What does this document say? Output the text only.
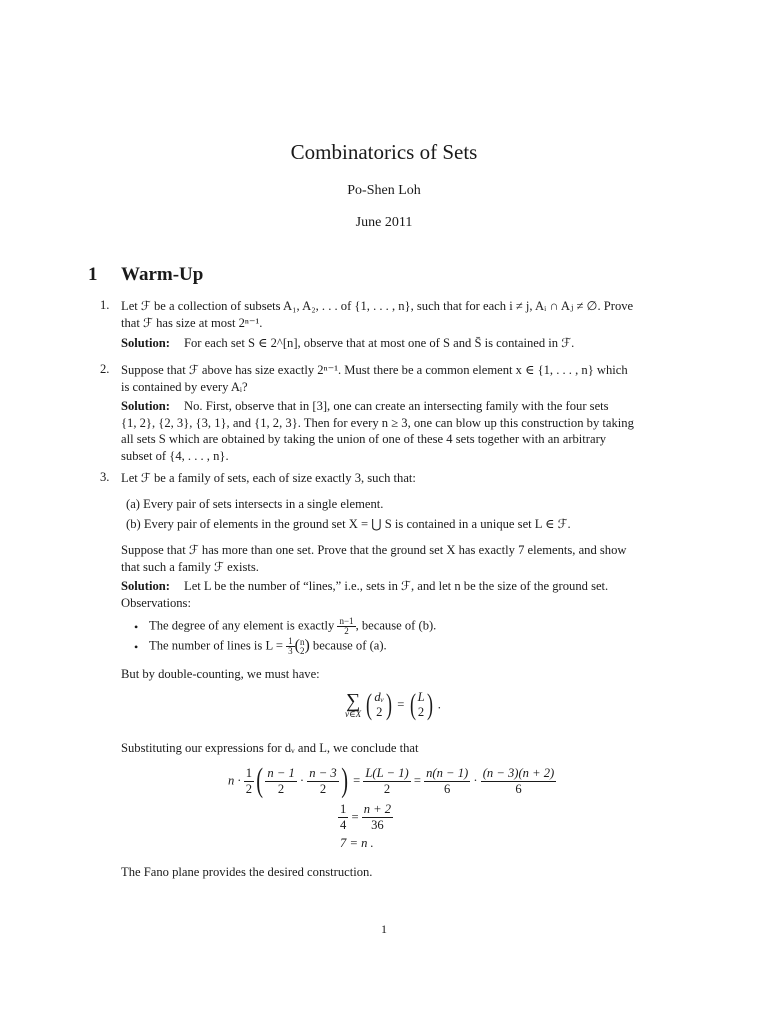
Combinatorics of Sets
Po-Shen Loh
June 2011
1 Warm-Up
1. Let ℱ be a collection of subsets A₁, A₂, . . . of {1, . . . , n}, such that for each i ≠ j, Aᵢ ∩ Aⱼ ≠ ∅. Prove

that ℱ has size at most 2ⁿ⁻¹.

Solution: For each set S ∈ 2^[n], observe that at most one of S and S̄ is contained in ℱ.

2. Suppose that ℱ above has size exactly 2ⁿ⁻¹. Must there be a common element x ∈ {1, . . . , n} which

is contained by every Aᵢ?

Solution: No. First, observe that in [3], one can create an intersecting family with the four sets

{1, 2}, {2, 3}, {3, 1}, and {1, 2, 3}. Then for every n ≥ 3, one can blow up this construction by taking

all sets S which are obtained by taking the union of one of these 4 sets together with an arbitrary

subset of {4, . . . , n}.

3. Let ℱ be a family of sets, each of size exactly 3, such that:

(a) Every pair of sets intersects in a single element.

(b) Every pair of elements in the ground set X = ⋃ S is contained in a unique set L ∈ ℱ.

Suppose that ℱ has more than one set. Prove that the ground set X has exactly 7 elements, and show

that such a family ℱ exists.

Solution: Let L be the number of “lines,” i.e., sets in ℱ, and let n be the size of the ground set.

Observations:

• The degree of any element is exactly $\frac{n-1}{2}$ , because of (b).
• The number of lines is $L = \frac{1}{3}$ ( n
2 ) because of (a).
But by double-counting, we must have:
∑
v∈X
( dᵥ
2 ) = ( L
2 ) .
Substituting our expressions for dᵥ and L, we conclude that
$n \cdot \frac{1}{2}$ ( $\frac{n - 1}{2} \cdot \frac{n - 3}{2}$ ) = $\frac{L(L - 1)}{2} = \frac{n(n - 1)}{6} \cdot \frac{(n - 3)(n + 2)}{6}$
$\frac{1}{4} = \frac{n + 2}{36}$
7 = n .
The Fano plane provides the desired construction.
1
